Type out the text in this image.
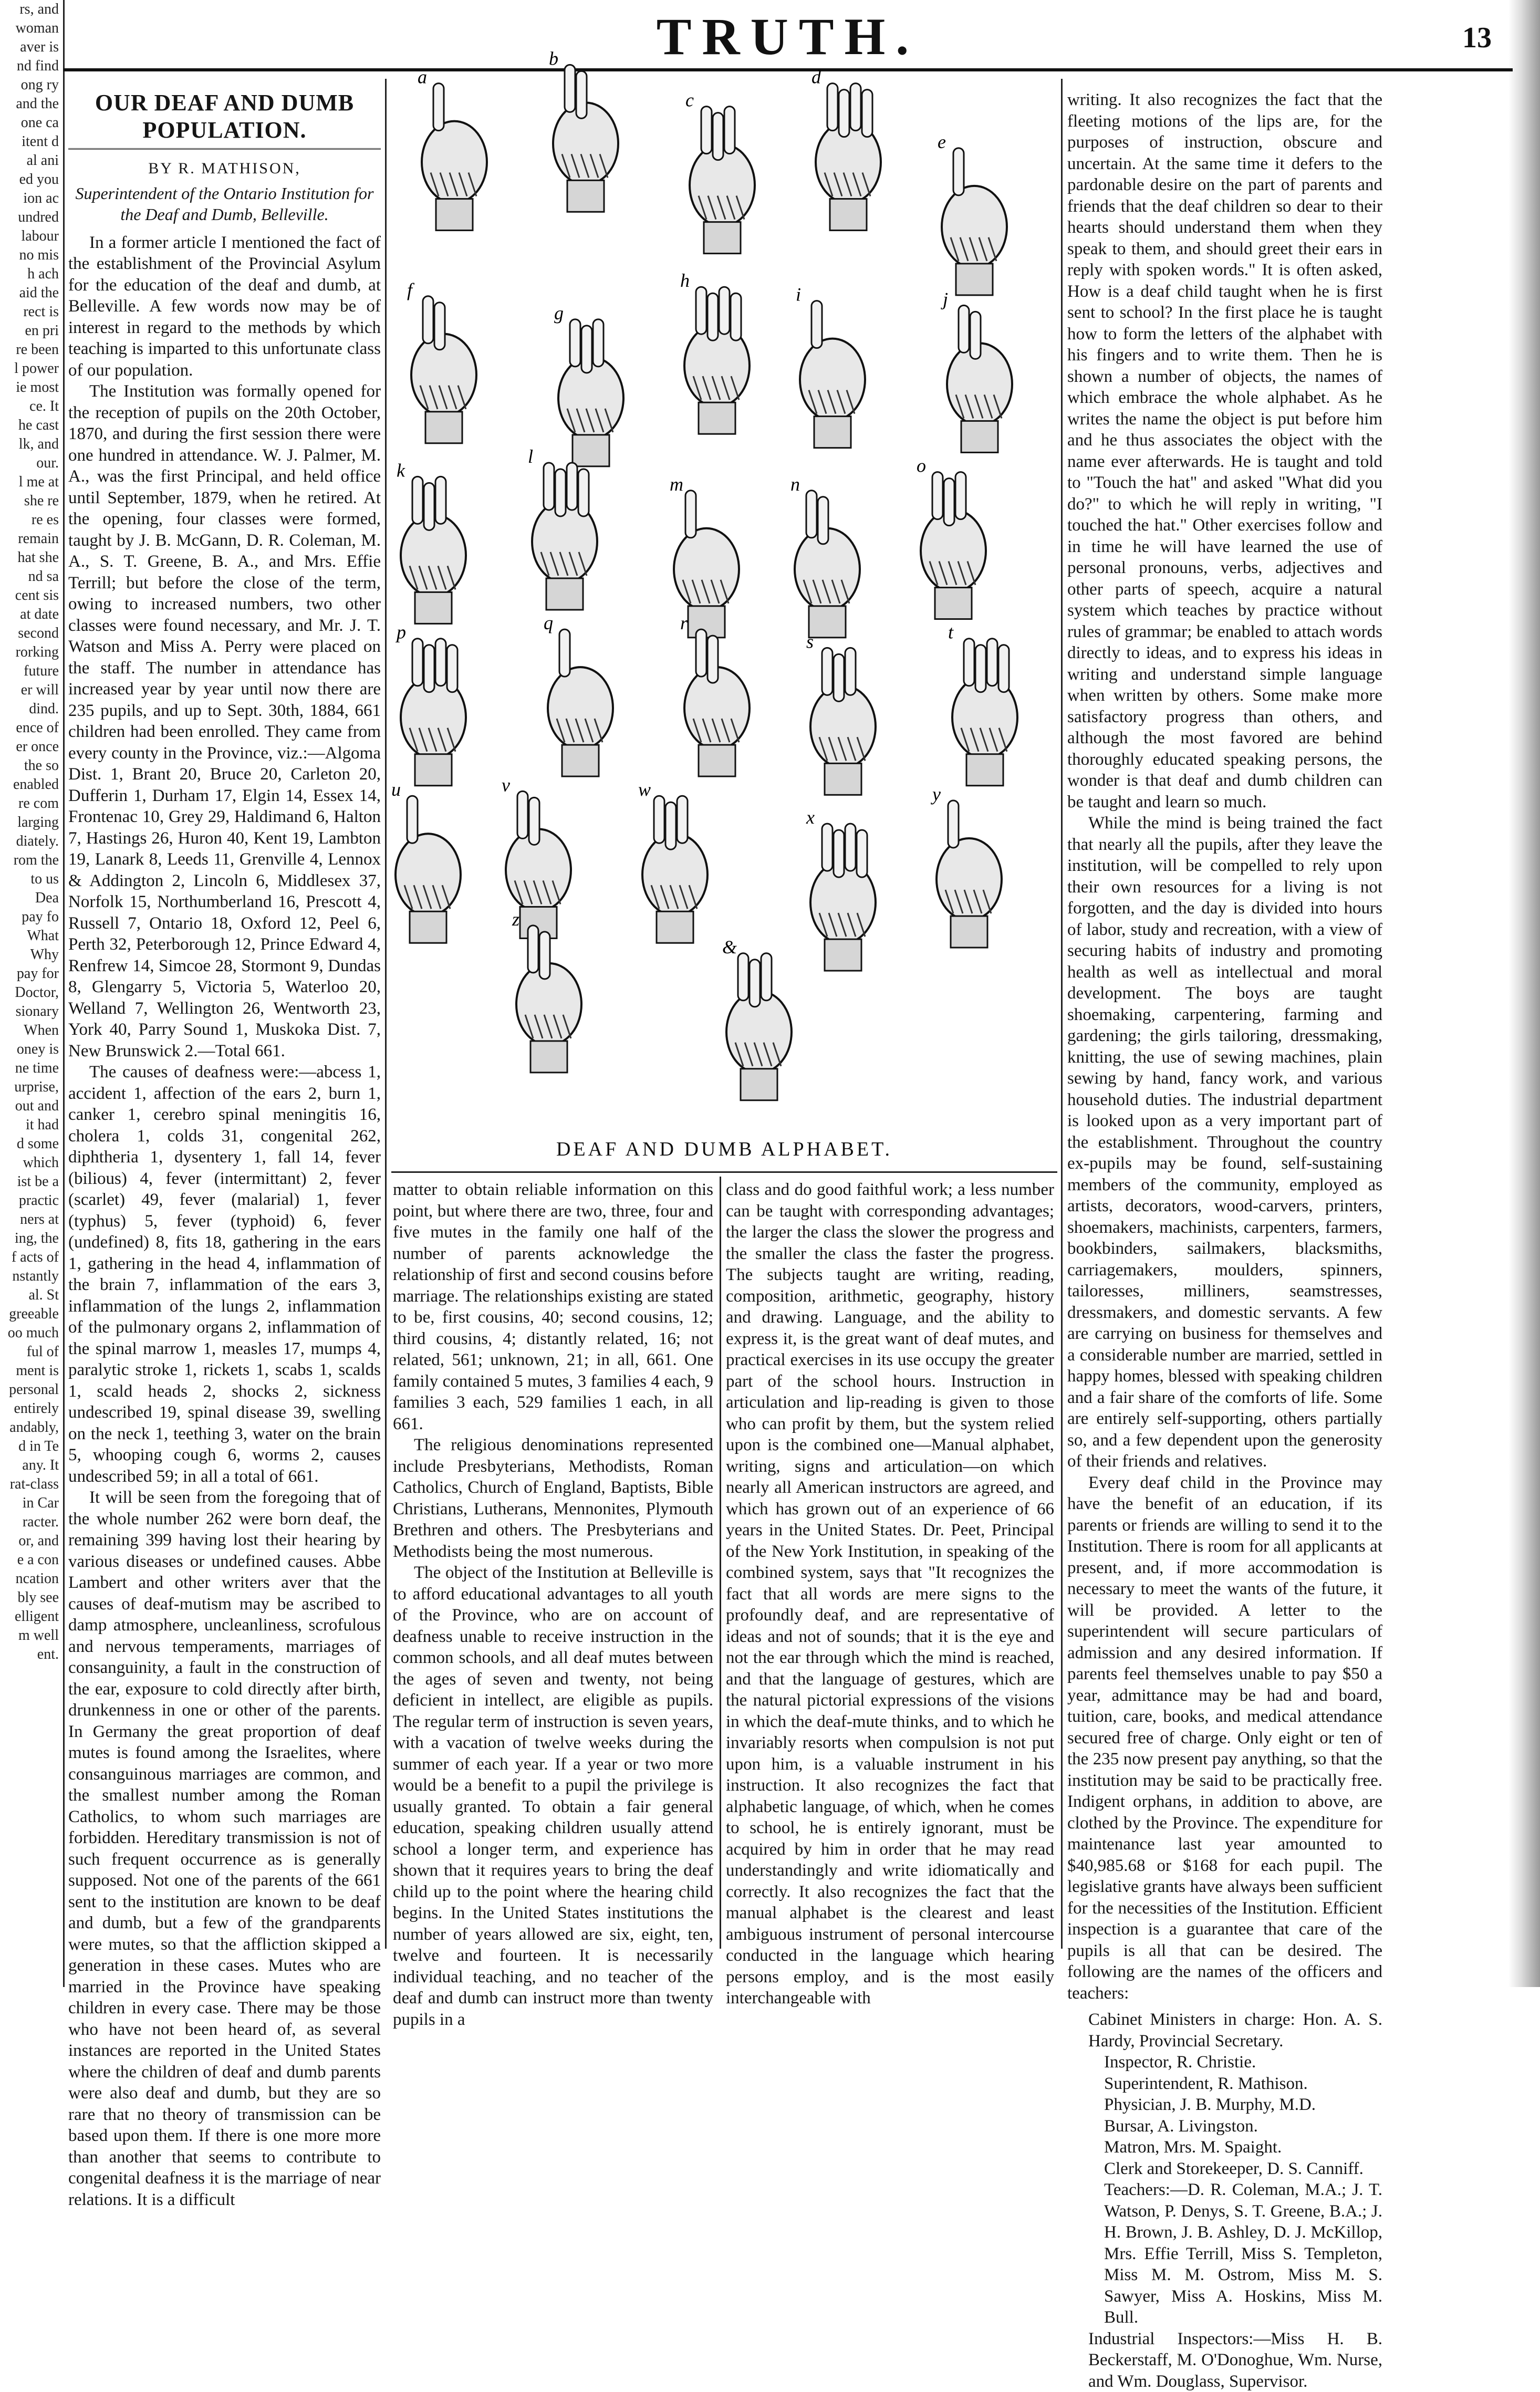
rs, and
woman
aver is
nd find
ong ry
and the
one ca
itent d
al ani
ed you
ion ac
undred
labour
no mis
h ach
aid the
rect is
en pri
re been
l power
ie most
ce. It
he cast
lk, and
our.
l me at
she re
re es
remain
hat she
nd sa
cent sis
at date
second
rorking
future
er will
dind.
ence of
er once
the so
enabled
re com
larging
diately.
rom the
to us
Dea
pay fo
What
Why
pay for
Doctor,
sionary
When
oney is
ne time
urprise,
out and
it had
d some
which
ist be a
practic
ners at
ing, the
f acts of
nstantly
al. St
greeable
oo much
ful of
ment is
personal
entirely
andably,
d in Te
any. It
rat-class
in Car
racter.
or, and
e a con
ncation
bly see
elligent
m well
ent.
TRUTH.	13
OUR DEAF AND DUMB POPULATION.
BY R. MATHISON,
Superintendent of the Ontario Institution for the Deaf and Dumb, Belleville.

In a former article I mentioned the fact of the establishment of the Provincial Asylum for the education of the deaf and dumb, at Belleville. A few words now may be of interest in regard to the methods by which teaching is imparted to this unfortunate class of our population.

The Institution was formally opened for the reception of pupils on the 20th October, 1870, and during the first session there were one hundred in attendance. W. J. Palmer, M. A., was the first Principal, and held office until September, 1879, when he retired. At the opening, four classes were formed, taught by J. B. McGann, D. R. Coleman, M. A., S. T. Greene, B. A., and Mrs. Effie Terrill; but before the close of the term, owing to increased numbers, two other classes were found necessary, and Mr. J. T. Watson and Miss A. Perry were placed on the staff. The number in attendance has increased year by year until now there are 235 pupils, and up to Sept. 30th, 1884, 661 children had been enrolled. They came from every county in the Province, viz.:—Algoma Dist. 1, Brant 20, Bruce 20, Carleton 20, Dufferin 1, Durham 17, Elgin 14, Essex 14, Frontenac 10, Grey 29, Haldimand 6, Halton 7, Hastings 26, Huron 40, Kent 19, Lambton 19, Lanark 8, Leeds 11, Grenville 4, Lennox & Addington 2, Lincoln 6, Middlesex 37, Norfolk 15, Northumberland 16, Prescott 4, Russell 7, Ontario 18, Oxford 12, Peel 6, Perth 32, Peterborough 12, Prince Edward 4, Renfrew 14, Simcoe 28, Stormont 9, Dundas 8, Glengarry 5, Victoria 5, Waterloo 20, Welland 7, Wellington 26, Wentworth 23, York 40, Parry Sound 1, Muskoka Dist. 7, New Brunswick 2.—Total 661.

The causes of deafness were:—abcess 1, accident 1, affection of the ears 2, burn 1, canker 1, cerebro spinal meningitis 16, cholera 1, colds 31, congenital 262, diphtheria 1, dysentery 1, fall 14, fever (bilious) 4, fever (intermittant) 2, fever (scarlet) 49, fever (malarial) 1, fever (typhus) 5, fever (typhoid) 6, fever (undefined) 8, fits 18, gathering in the ears 1, gathering in the head 4, inflammation of the brain 7, inflammation of the ears 3, inflammation of the lungs 2, inflammation of the pulmonary organs 2, inflammation of the spinal marrow 1, measles 17, mumps 4, paralytic stroke 1, rickets 1, scabs 1, scalds 1, scald heads 2, shocks 2, sickness undescribed 19, spinal disease 39, swelling on the neck 1, teething 3, water on the brain 5, whooping cough 6, worms 2, causes undescribed 59; in all a total of 661.

It will be seen from the foregoing that of the whole number 262 were born deaf, the remaining 399 having lost their hearing by various diseases or undefined causes. Abbe Lambert and other writers aver that the causes of deaf-mutism may be ascribed to damp atmosphere, uncleanliness, scrofulous and nervous temperaments, marriages of consanguinity, a fault in the construction of the ear, exposure to cold directly after birth, drunkenness in one or other of the parents. In Germany the great proportion of deaf mutes is found among the Israelites, where consanguinous marriages are common, and the smallest number among the Roman Catholics, to whom such marriages are forbidden. Hereditary transmission is not of such frequent occurrence as is generally supposed. Not one of the parents of the 661 sent to the institution are known to be deaf and dumb, but a few of the grandparents were mutes, so that the affliction skipped a generation in these cases. Mutes who are married in the Province have speaking children in every case. There may be those who have not been heard of, as several instances are reported in the United States where the children of deaf and dumb parents were also deaf and dumb, but they are so rare that no theory of transmission can be based upon them. If there is one more more than another that seems to contribute to congenital deafness it is the marriage of near relations. It is a difficult

a
b
c
d
e
f
g
h
i	j
k
l
m	n
o
p	q	r
s	t
u	v	w
x
y
z
&
DEAF AND DUMB ALPHABET.

matter to obtain reliable information on this point, but where there are two, three, four and five mutes in the family one half of the number of parents acknowledge the relationship of first and second cousins before marriage. The relationships existing are stated to be, first cousins, 40; second cousins, 12; third cousins, 4; distantly related, 16; not related, 561; unknown, 21; in all, 661. One family contained 5 mutes, 3 families 4 each, 9 families 3 each, 529 families 1 each, in all 661.

The religious denominations represented include Presbyterians, Methodists, Roman Catholics, Church of England, Baptists, Bible Christians, Lutherans, Mennonites, Plymouth Brethren and others. The Presbyterians and Methodists being the most numerous.

The object of the Institution at Belleville is to afford educational advantages to all youth of the Province, who are on account of deafness unable to receive instruction in the common schools, and all deaf mutes between the ages of seven and twenty, not being deficient in intellect, are eligible as pupils. The regular term of instruction is seven years, with a vacation of twelve weeks during the summer of each year. If a year or two more would be a benefit to a pupil the privilege is usually granted. To obtain a fair general education, speaking children usually attend school a longer term, and experience has shown that it requires years to bring the deaf child up to the point where the hearing child begins. In the United States institutions the number of years allowed are six, eight, ten, twelve and fourteen. It is necessarily individual teaching, and no teacher of the deaf and dumb can instruct more than twenty pupils in a

class and do good faithful work; a less number can be taught with corresponding advantages; the larger the class the slower the progress and the smaller the class the faster the progress. The subjects taught are writing, reading, composition, arithmetic, geography, history and drawing. Language, and the ability to express it, is the great want of deaf mutes, and practical exercises in its use occupy the greater part of the school hours. Instruction in articulation and lip-reading is given to those who can profit by them, but the system relied upon is the combined one—Manual alphabet, writing, signs and articulation—on which nearly all American instructors are agreed, and which has grown out of an experience of 66 years in the United States. Dr. Peet, Principal of the New York Institution, in speaking of the combined system, says that "It recognizes the fact that all words are mere signs to the profoundly deaf, and are representative of ideas and not of sounds; that it is the eye and not the ear through which the mind is reached, and that the language of gestures, which are the natural pictorial expressions of the visions in which the deaf-mute thinks, and to which he invariably resorts when compulsion is not put upon him, is a valuable instrument in his instruction. It also recognizes the fact that alphabetic language, of which, when he comes to school, he is entirely ignorant, must be acquired by him in order that he may read understandingly and write idiomatically and correctly. It also recognizes the fact that the manual alphabet is the clearest and least ambiguous instrument of personal intercourse conducted in the language which hearing persons employ, and is the most easily interchangeable with

writing. It also recognizes the fact that the fleeting motions of the lips are, for the purposes of instruction, obscure and uncertain. At the same time it defers to the pardonable desire on the part of parents and friends that the deaf children so dear to their hearts should understand them when they speak to them, and should greet their ears in reply with spoken words." It is often asked, How is a deaf child taught when he is first sent to school? In the first place he is taught how to form the letters of the alphabet with his fingers and to write them. Then he is shown a number of objects, the names of which embrace the whole alphabet. As he writes the name the object is put before him and he thus associates the object with the name ever afterwards. He is taught and told to "Touch the hat" and asked "What did you do?" to which he will reply in writing, "I touched the hat." Other exercises follow and in time he will have learned the use of personal pronouns, verbs, adjectives and other parts of speech, acquire a natural system which teaches by practice without rules of grammar; be enabled to attach words directly to ideas, and to express his ideas in writing and understand simple language when written by others. Some make more satisfactory progress than others, and although the most favored are behind thoroughly educated speaking persons, the wonder is that deaf and dumb children can be taught and learn so much.

While the mind is being trained the fact that nearly all the pupils, after they leave the institution, will be compelled to rely upon their own resources for a living is not forgotten, and the day is divided into hours of labor, study and recreation, with a view of securing habits of industry and promoting health as well as intellectual and moral development. The boys are taught shoemaking, carpentering, farming and gardening; the girls tailoring, dressmaking, knitting, the use of sewing machines, plain sewing by hand, fancy work, and various household duties. The industrial department is looked upon as a very important part of the establishment. Throughout the country ex-pupils may be found, self-sustaining members of the community, employed as artists, decorators, wood-carvers, printers, shoemakers, machinists, carpenters, farmers, bookbinders, sailmakers, blacksmiths, carriagemakers, moulders, spinners, tailoresses, milliners, seamstresses, dressmakers, and domestic servants. A few are carrying on business for themselves and a considerable number are married, settled in happy homes, blessed with speaking children and a fair share of the comforts of life. Some are entirely self-supporting, others partially so, and a few dependent upon the generosity of their friends and relatives.

Every deaf child in the Province may have the benefit of an education, if its parents or friends are willing to send it to the Institution. There is room for all applicants at present, and, if more accommodation is necessary to meet the wants of the future, it will be provided. A letter to the superintendent will secure particulars of admission and any desired information. If parents feel themselves unable to pay $50 a year, admittance may be had and board, tuition, care, books, and medical attendance secured free of charge. Only eight or ten of the 235 now present pay anything, so that the institution may be said to be practically free. Indigent orphans, in addition to above, are clothed by the Province. The expenditure for maintenance last year amounted to $40,985.68 or $168 for each pupil. The legislative grants have always been sufficient for the necessities of the Institution. Efficient inspection is a guarantee that care of the pupils is all that can be desired. The following are the names of the officers and teachers:

Cabinet Ministers in charge: Hon. A. S. Hardy, Provincial Secretary.

Inspector, R. Christie.

Superintendent, R. Mathison.

Physician, J. B. Murphy, M.D.

Bursar, A. Livingston.

Matron, Mrs. M. Spaight.

Clerk and Storekeeper, D. S. Canniff.

Teachers:—D. R. Coleman, M.A.; J. T. Watson, P. Denys, S. T. Greene, B.A.; J. H. Brown, J. B. Ashley, D. J. McKillop, Mrs. Effie Terrill, Miss S. Templeton, Miss M. M. Ostrom, Miss M. S. Sawyer, Miss A. Hoskins, Miss M. Bull.

Industrial Inspectors:—Miss H. B. Beckerstaff, M. O'Donoghue, Wm. Nurse, and Wm. Douglass, Supervisor.
